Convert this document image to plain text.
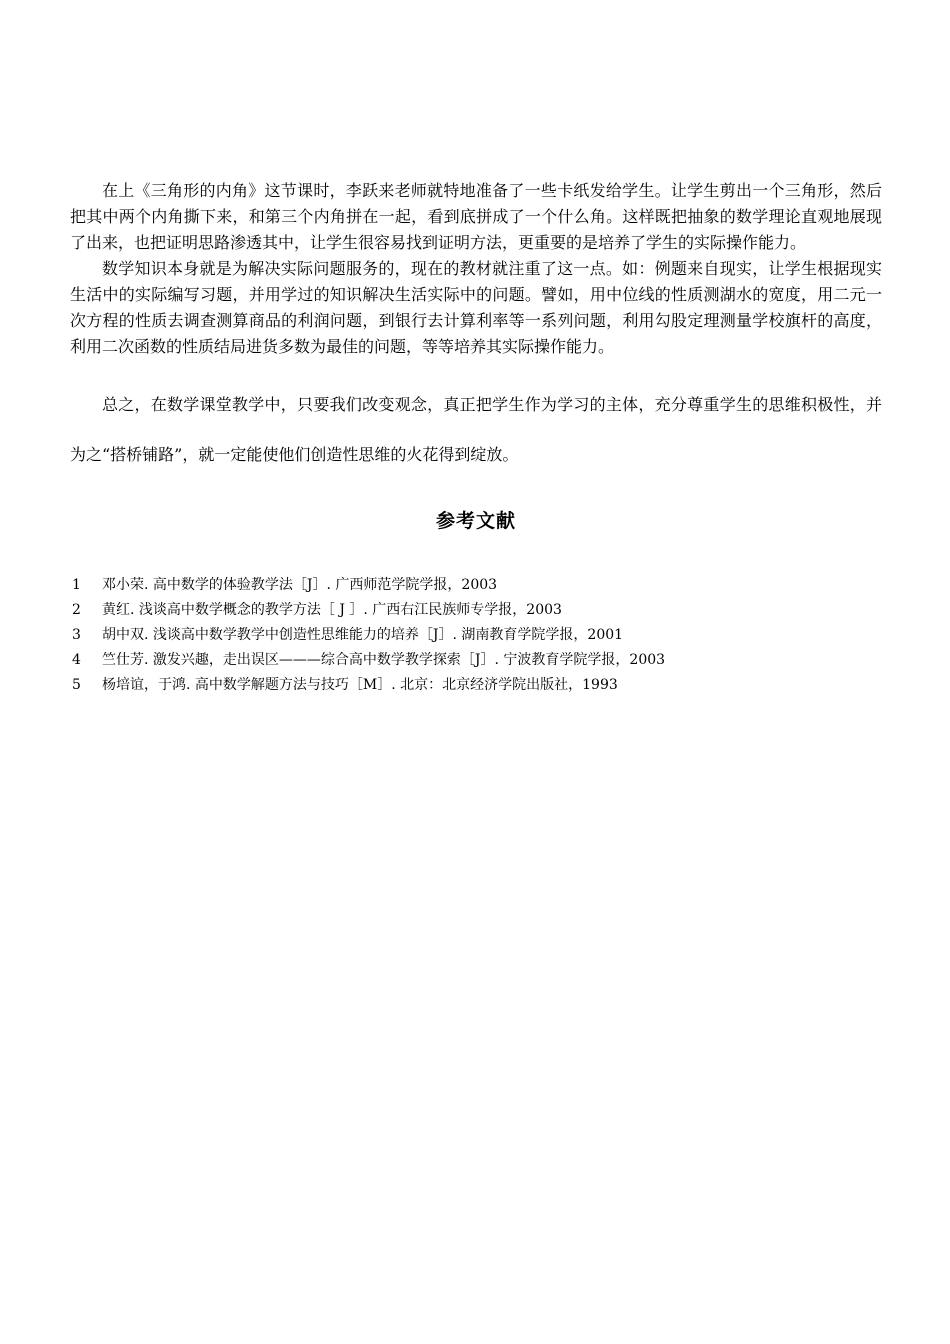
在上《三角形的内角》这节课时，李跃来老师就特地准备了一些卡纸发给学生。让学生剪出一个三角形，然后把其中两个内角撕下来，和第三个内角拼在一起，看到底拼成了一个什么角。这样既把抽象的数学理论直观地展现了出来，也把证明思路渗透其中，让学生很容易找到证明方法，更重要的是培养了学生的实际操作能力。

数学知识本身就是为解决实际问题服务的，现在的教材就注重了这一点。如：例题来自现实，让学生根据现实生活中的实际编写习题，并用学过的知识解决生活实际中的问题。譬如，用中位线的性质测湖水的宽度，用二元一次方程的性质去调查测算商品的利润问题，到银行去计算利率等一系列问题，利用勾股定理测量学校旗杆的高度，利用二次函数的性质结局进货多数为最佳的问题，等等培养其实际操作能力。

总之，在数学课堂教学中，只要我们改变观念，真正把学生作为学习的主体，充分尊重学生的思维积极性，并为之“搭桥铺路”，就一定能使他们创造性思维的火花得到绽放。

参考文献
1	邓小荣. 高中数学的体验教学法［J］. 广西师范学院学报，2003
2	黄红. 浅谈高中数学概念的教学方法［ J ］. 广西右江民族师专学报，2003
3	胡中双. 浅谈高中数学教学中创造性思维能力的培养［J］. 湖南教育学院学报，2001
4	竺仕芳. 激发兴趣，走出误区———综合高中数学教学探索［J］. 宁波教育学院学报，2003
5	杨培谊，于鸿. 高中数学解题方法与技巧［M］. 北京：北京经济学院出版社，1993
